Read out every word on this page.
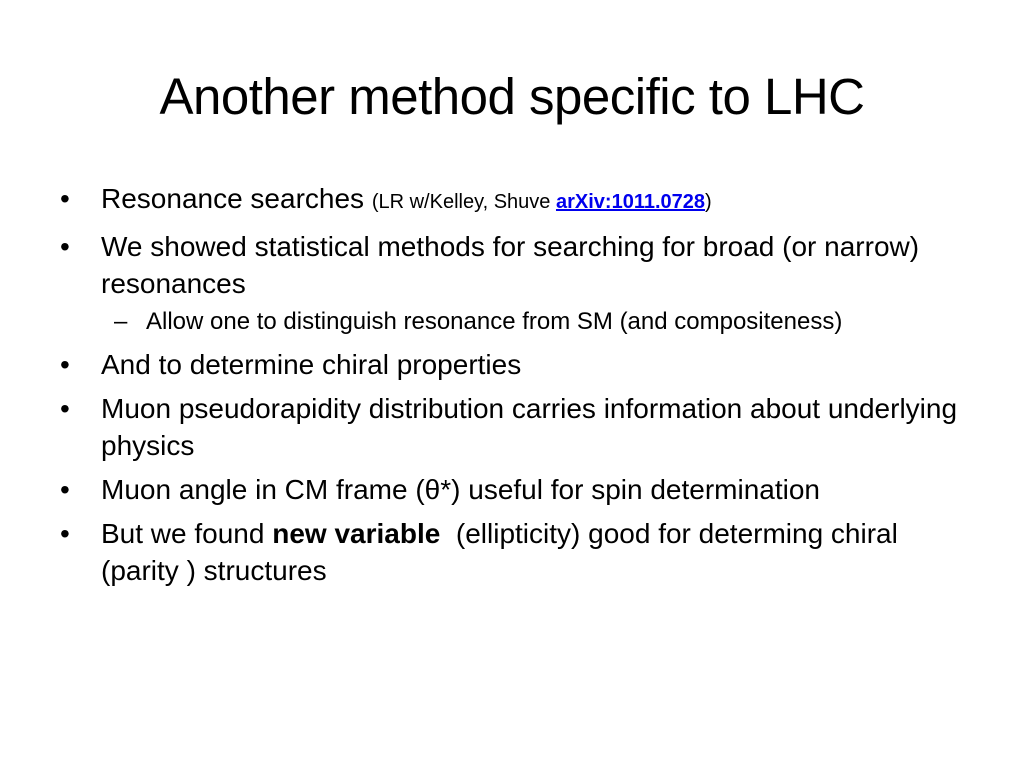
Another method specific to LHC
• Resonance searches (LR w/Kelley, Shuve arXiv:1011.0728)
• We showed statistical methods for searching for broad (or narrow) resonances
– Allow one to distinguish resonance from SM (and compositeness)
• And to determine chiral properties
• Muon pseudorapidity distribution carries information about underlying physics
• Muon angle in CM frame (θ*) useful for spin determination
• But we found new variable  (ellipticity) good for determing chiral (parity ) structures
